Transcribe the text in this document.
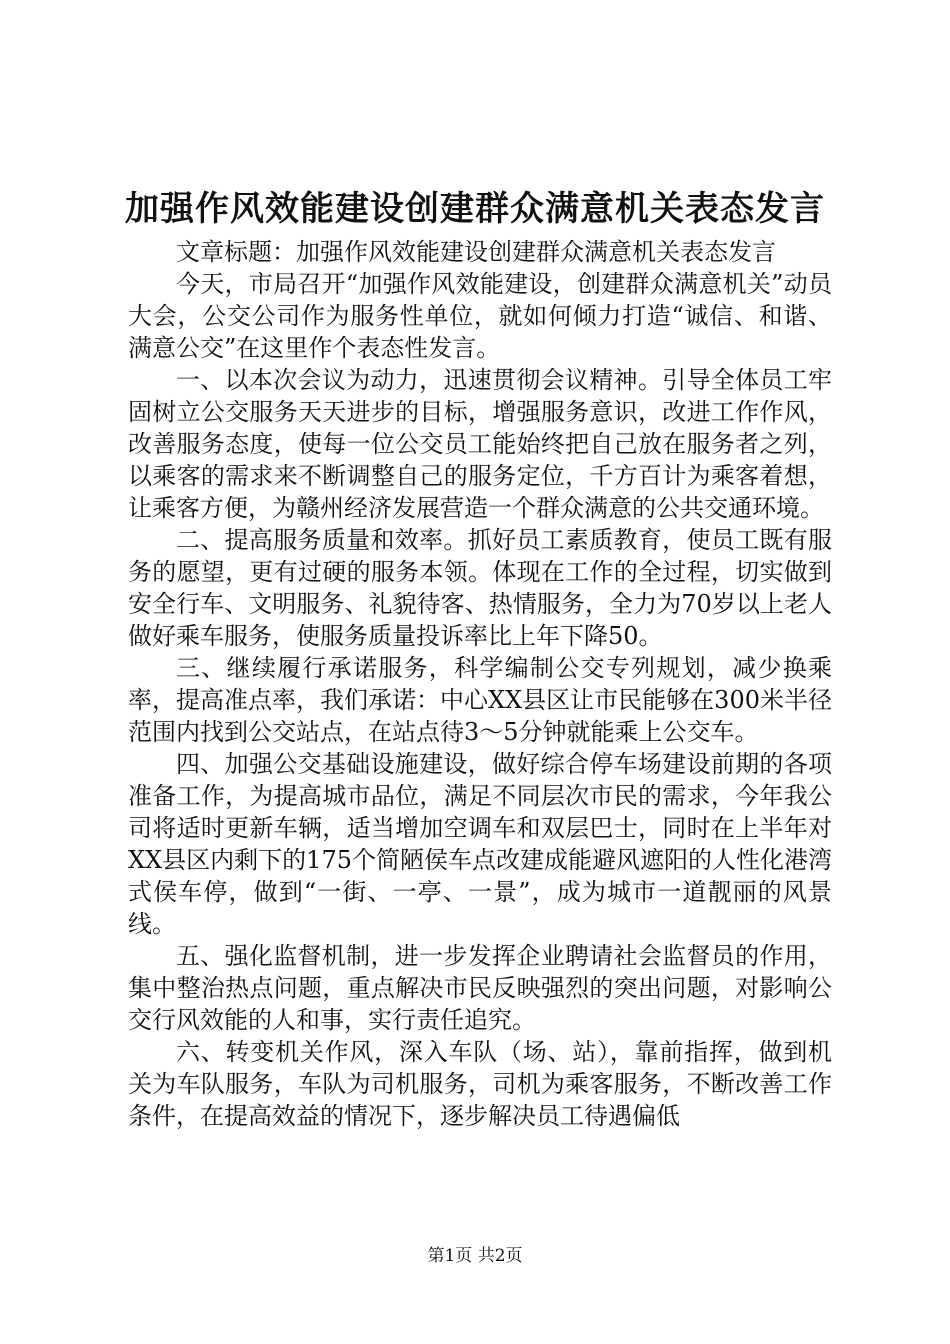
加强作风效能建设创建群众满意机关表态发言

文章标题：加强作风效能建设创建群众满意机关表态发言

今天，市局召开“加强作风效能建设，创建群众满意机关”动员大会，公交公司作为服务性单位，就如何倾力打造“诚信、和谐、满意公交”在这里作个表态性发言。

一、以本次会议为动力，迅速贯彻会议精神。引导全体员工牢固树立公交服务天天进步的目标，增强服务意识，改进工作作风，改善服务态度，使每一位公交员工能始终把自己放在服务者之列，以乘客的需求来不断调整自己的服务定位，千方百计为乘客着想，让乘客方便，为赣州经济发展营造一个群众满意的公共交通环境。

二、提高服务质量和效率。抓好员工素质教育，使员工既有服务的愿望，更有过硬的服务本领。体现在工作的全过程，切实做到安全行车、文明服务、礼貌待客、热情服务，全力为70岁以上老人做好乘车服务，使服务质量投诉率比上年下降50。

三、继续履行承诺服务，科学编制公交专列规划，减少换乘率，提高准点率，我们承诺：中心XX县区让市民能够在300米半径范围内找到公交站点，在站点待3～5分钟就能乘上公交车。

四、加强公交基础设施建设，做好综合停车场建设前期的各项准备工作，为提高城市品位，满足不同层次市民的需求，今年我公司将适时更新车辆，适当增加空调车和双层巴士，同时在上半年对XX县区内剩下的175个简陋侯车点改建成能避风遮阳的人性化港湾式侯车停，做到“一街、一亭、一景”，成为城市一道靓丽的风景线。

五、强化监督机制，进一步发挥企业聘请社会监督员的作用，集中整治热点问题，重点解决市民反映强烈的突出问题，对影响公交行风效能的人和事，实行责任追究。

六、转变机关作风，深入车队（场、站），靠前指挥，做到机关为车队服务，车队为司机服务，司机为乘客服务，不断改善工作条件，在提高效益的情况下，逐步解决员工待遇偏低

第1页 共2页
